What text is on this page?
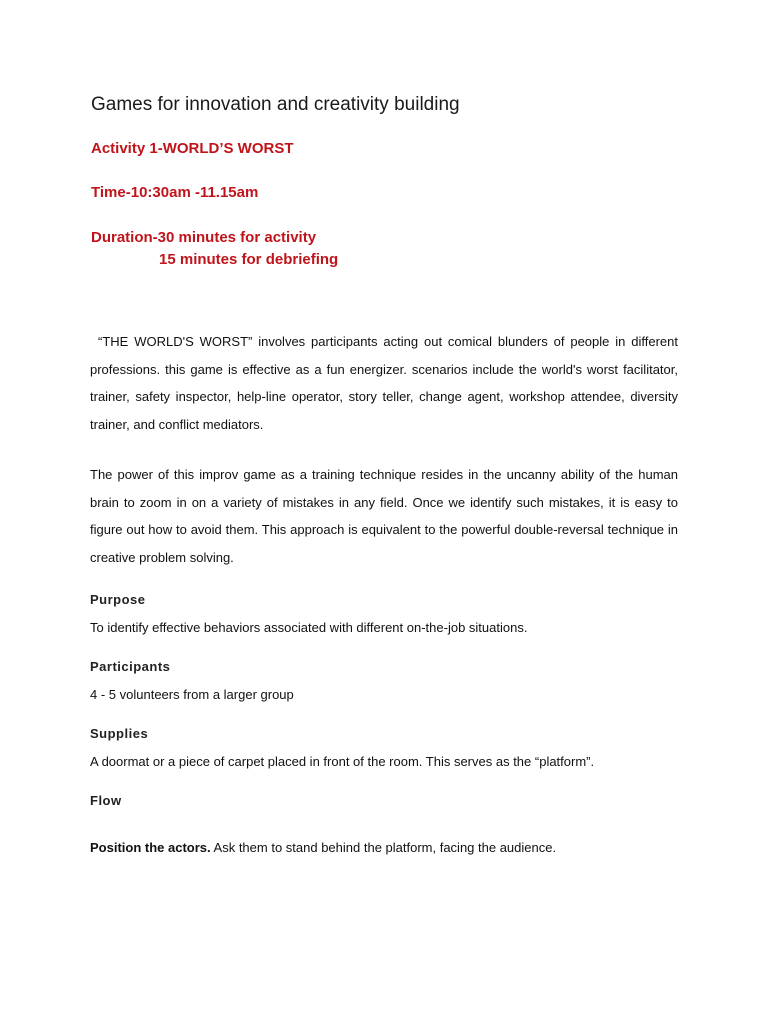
Games for innovation and creativity building
Activity 1-WORLD’S WORST
Time-10:30am -11.15am
Duration-30 minutes for activity
15 minutes for debriefing

“THE WORLD'S WORST” involves participants acting out comical blunders of people in different professions. this game is effective as a fun energizer. scenarios include the world's worst facilitator, trainer, safety inspector, help-line operator, story teller, change agent, workshop attendee, diversity trainer, and conflict mediators.

The power of this improv game as a training technique resides in the uncanny ability of the human brain to zoom in on a variety of mistakes in any field. Once we identify such mistakes, it is easy to figure out how to avoid them. This approach is equivalent to the powerful double-reversal technique in creative problem solving.

Purpose
To identify effective behaviors associated with different on-the-job situations.
Participants
4 - 5 volunteers from a larger group
Supplies
A doormat or a piece of carpet placed in front of the room. This serves as the “platform”.
Flow
Position the actors. Ask them to stand behind the platform, facing the audience.
